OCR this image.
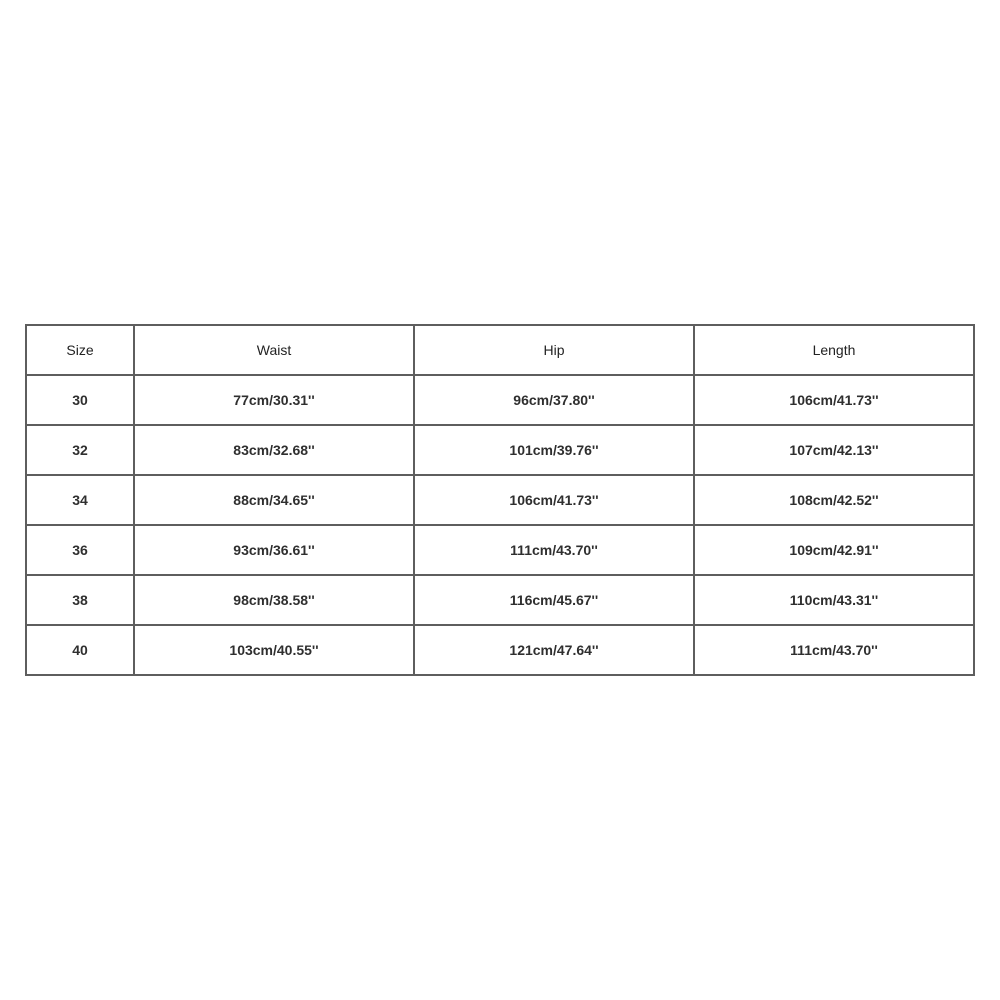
Size	Waist	Hip	Length
30	77cm/30.31''	96cm/37.80''	106cm/41.73''
32	83cm/32.68''	101cm/39.76''	107cm/42.13''
34	88cm/34.65''	106cm/41.73''	108cm/42.52''
36	93cm/36.61''	111cm/43.70''	109cm/42.91''
38	98cm/38.58''	116cm/45.67''	110cm/43.31''
40	103cm/40.55''	121cm/47.64''	111cm/43.70''
